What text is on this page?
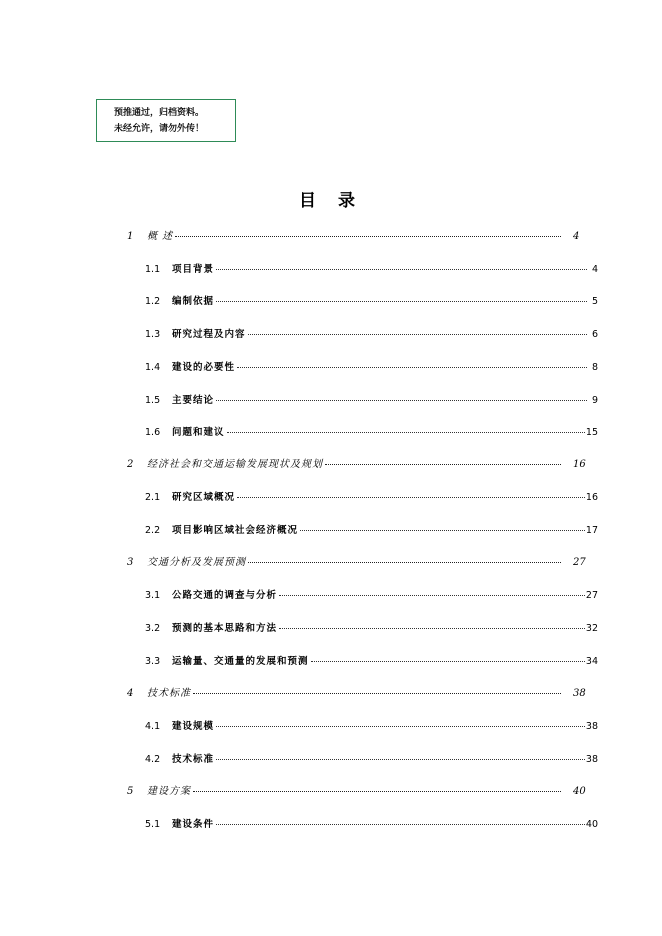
预推通过，归档资料。
未经允许，请勿外传！
目 录
1	概 述	4
1.1	项目背景	4
1.2	编制依据	5
1.3	研究过程及内容	6
1.4	建设的必要性	8
1.5	主要结论	9
1.6	问题和建议	15
2	经济社会和交通运输发展现状及规划	16
2.1	研究区域概况	16
2.2	项目影响区域社会经济概况	17
3	交通分析及发展预测	27
3.1	公路交通的调查与分析	27
3.2	预测的基本思路和方法	32
3.3	运输量、交通量的发展和预测	34
4	技术标准	38
4.1	建设规模	38
4.2	技术标准	38
5	建设方案	40
5.1	建设条件	40
